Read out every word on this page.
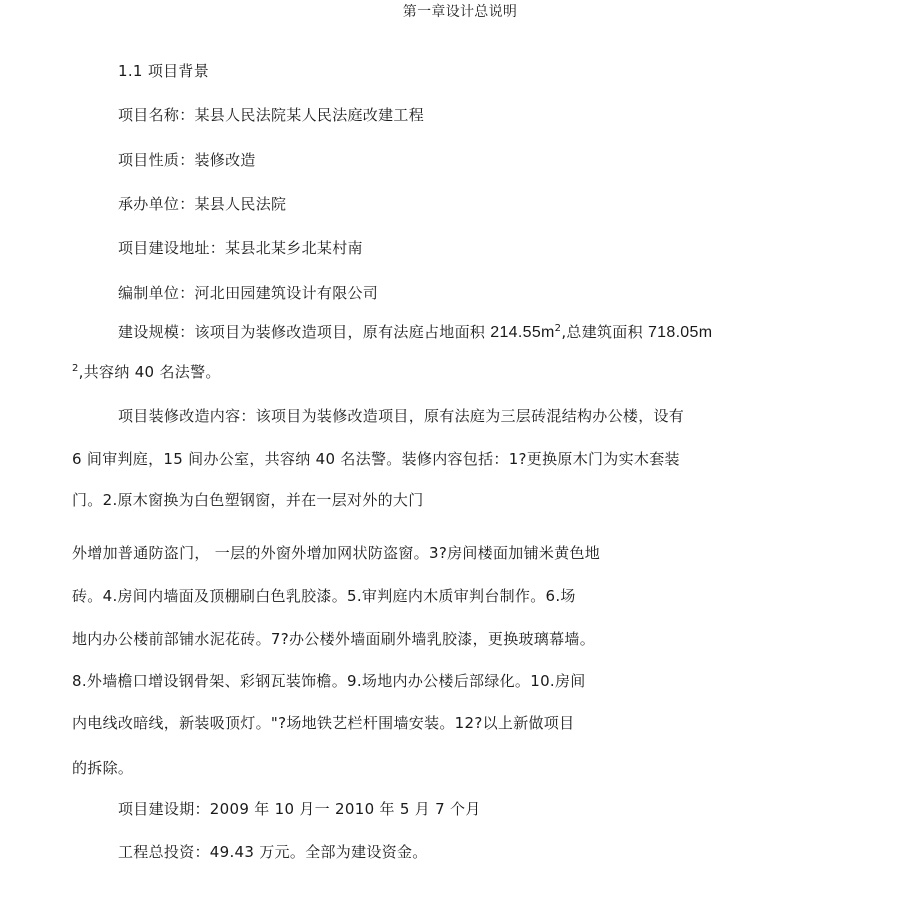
第一章设计总说明
1.1 项目背景
项目名称：某县人民法院某人民法庭改建工程
项目性质：装修改造
承办单位：某县人民法院
项目建设地址：某县北某乡北某村南
编制单位：河北田园建筑设计有限公司
建设规模：该项目为装修改造项目，原有法庭占地面积 $214.55m^2$,总建筑面积 718.05m
$^2$,共容纳 40 名法警。
项目装修改造内容：该项目为装修改造项目，原有法庭为三层砖混结构办公楼，设有
6 间审判庭，15 间办公室，共容纳 40 名法警。装修内容包括：1?更换原木门为实木套装
门。2.原木窗换为白色塑钢窗，并在一层对外的大门
外增加普通防盗门， 一层的外窗外增加网状防盗窗。3?房间楼面加铺米黄色地
砖。4.房间内墙面及顶棚刷白色乳胶漆。5.审判庭内木质审判台制作。6.场
地内办公楼前部铺水泥花砖。7?办公楼外墙面刷外墙乳胶漆，更换玻璃幕墙。
8.外墙檐口增设钢骨架、彩钢瓦装饰檐。9.场地内办公楼后部绿化。10.房间
内电线改暗线，新装吸顶灯。"?场地铁艺栏杆围墙安装。12?以上新做项目
的拆除。
项目建设期：2009 年 10 月一 2010 年 5 月 7 个月
工程总投资：49.43 万元。全部为建设资金。
